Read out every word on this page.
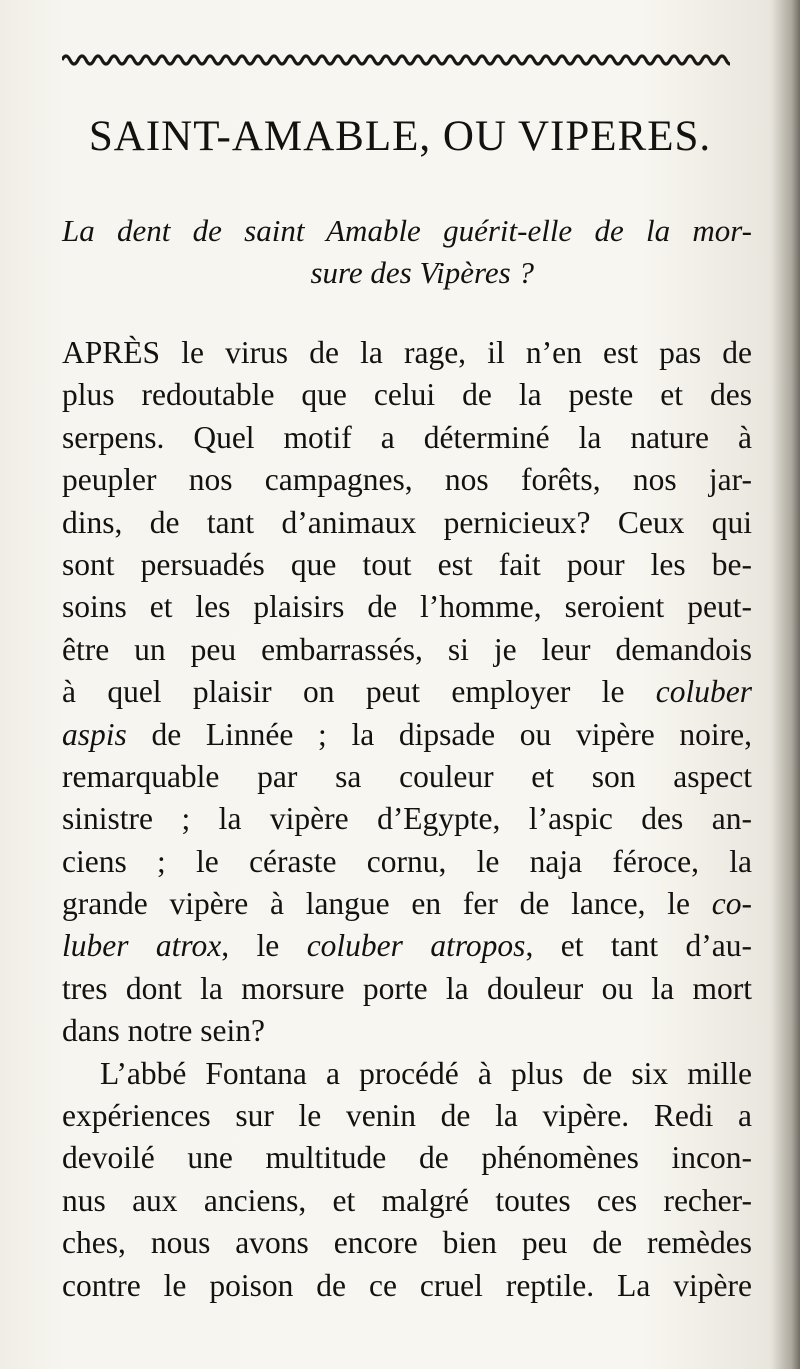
SAINT-AMABLE, OU VIPERES.
La dent de saint Amable guérit-elle de la mor-
sure des Vipères ?
APRÈS le virus de la rage, il n’en est pas de
plus redoutable que celui de la peste et des
serpens. Quel motif a déterminé la nature à
peupler nos campagnes, nos forêts, nos jar-
dins, de tant d’animaux pernicieux? Ceux qui
sont persuadés que tout est fait pour les be-
soins et les plaisirs de l’homme, seroient peut-
être un peu embarrassés, si je leur demandois
à quel plaisir on peut employer le coluber
aspis de Linnée ; la dipsade ou vipère noire,
remarquable par sa couleur et son aspect
sinistre ; la vipère d’Egypte, l’aspic des an-
ciens ; le céraste cornu, le naja féroce, la
grande vipère à langue en fer de lance, le co-
luber atrox, le coluber atropos, et tant d’au-
tres dont la morsure porte la douleur ou la mort
dans notre sein?
L’abbé Fontana a procédé à plus de six mille
expériences sur le venin de la vipère. Redi a
devoilé une multitude de phénomènes incon-
nus aux anciens, et malgré toutes ces recher-
ches, nous avons encore bien peu de remèdes
contre le poison de ce cruel reptile. La vipère
